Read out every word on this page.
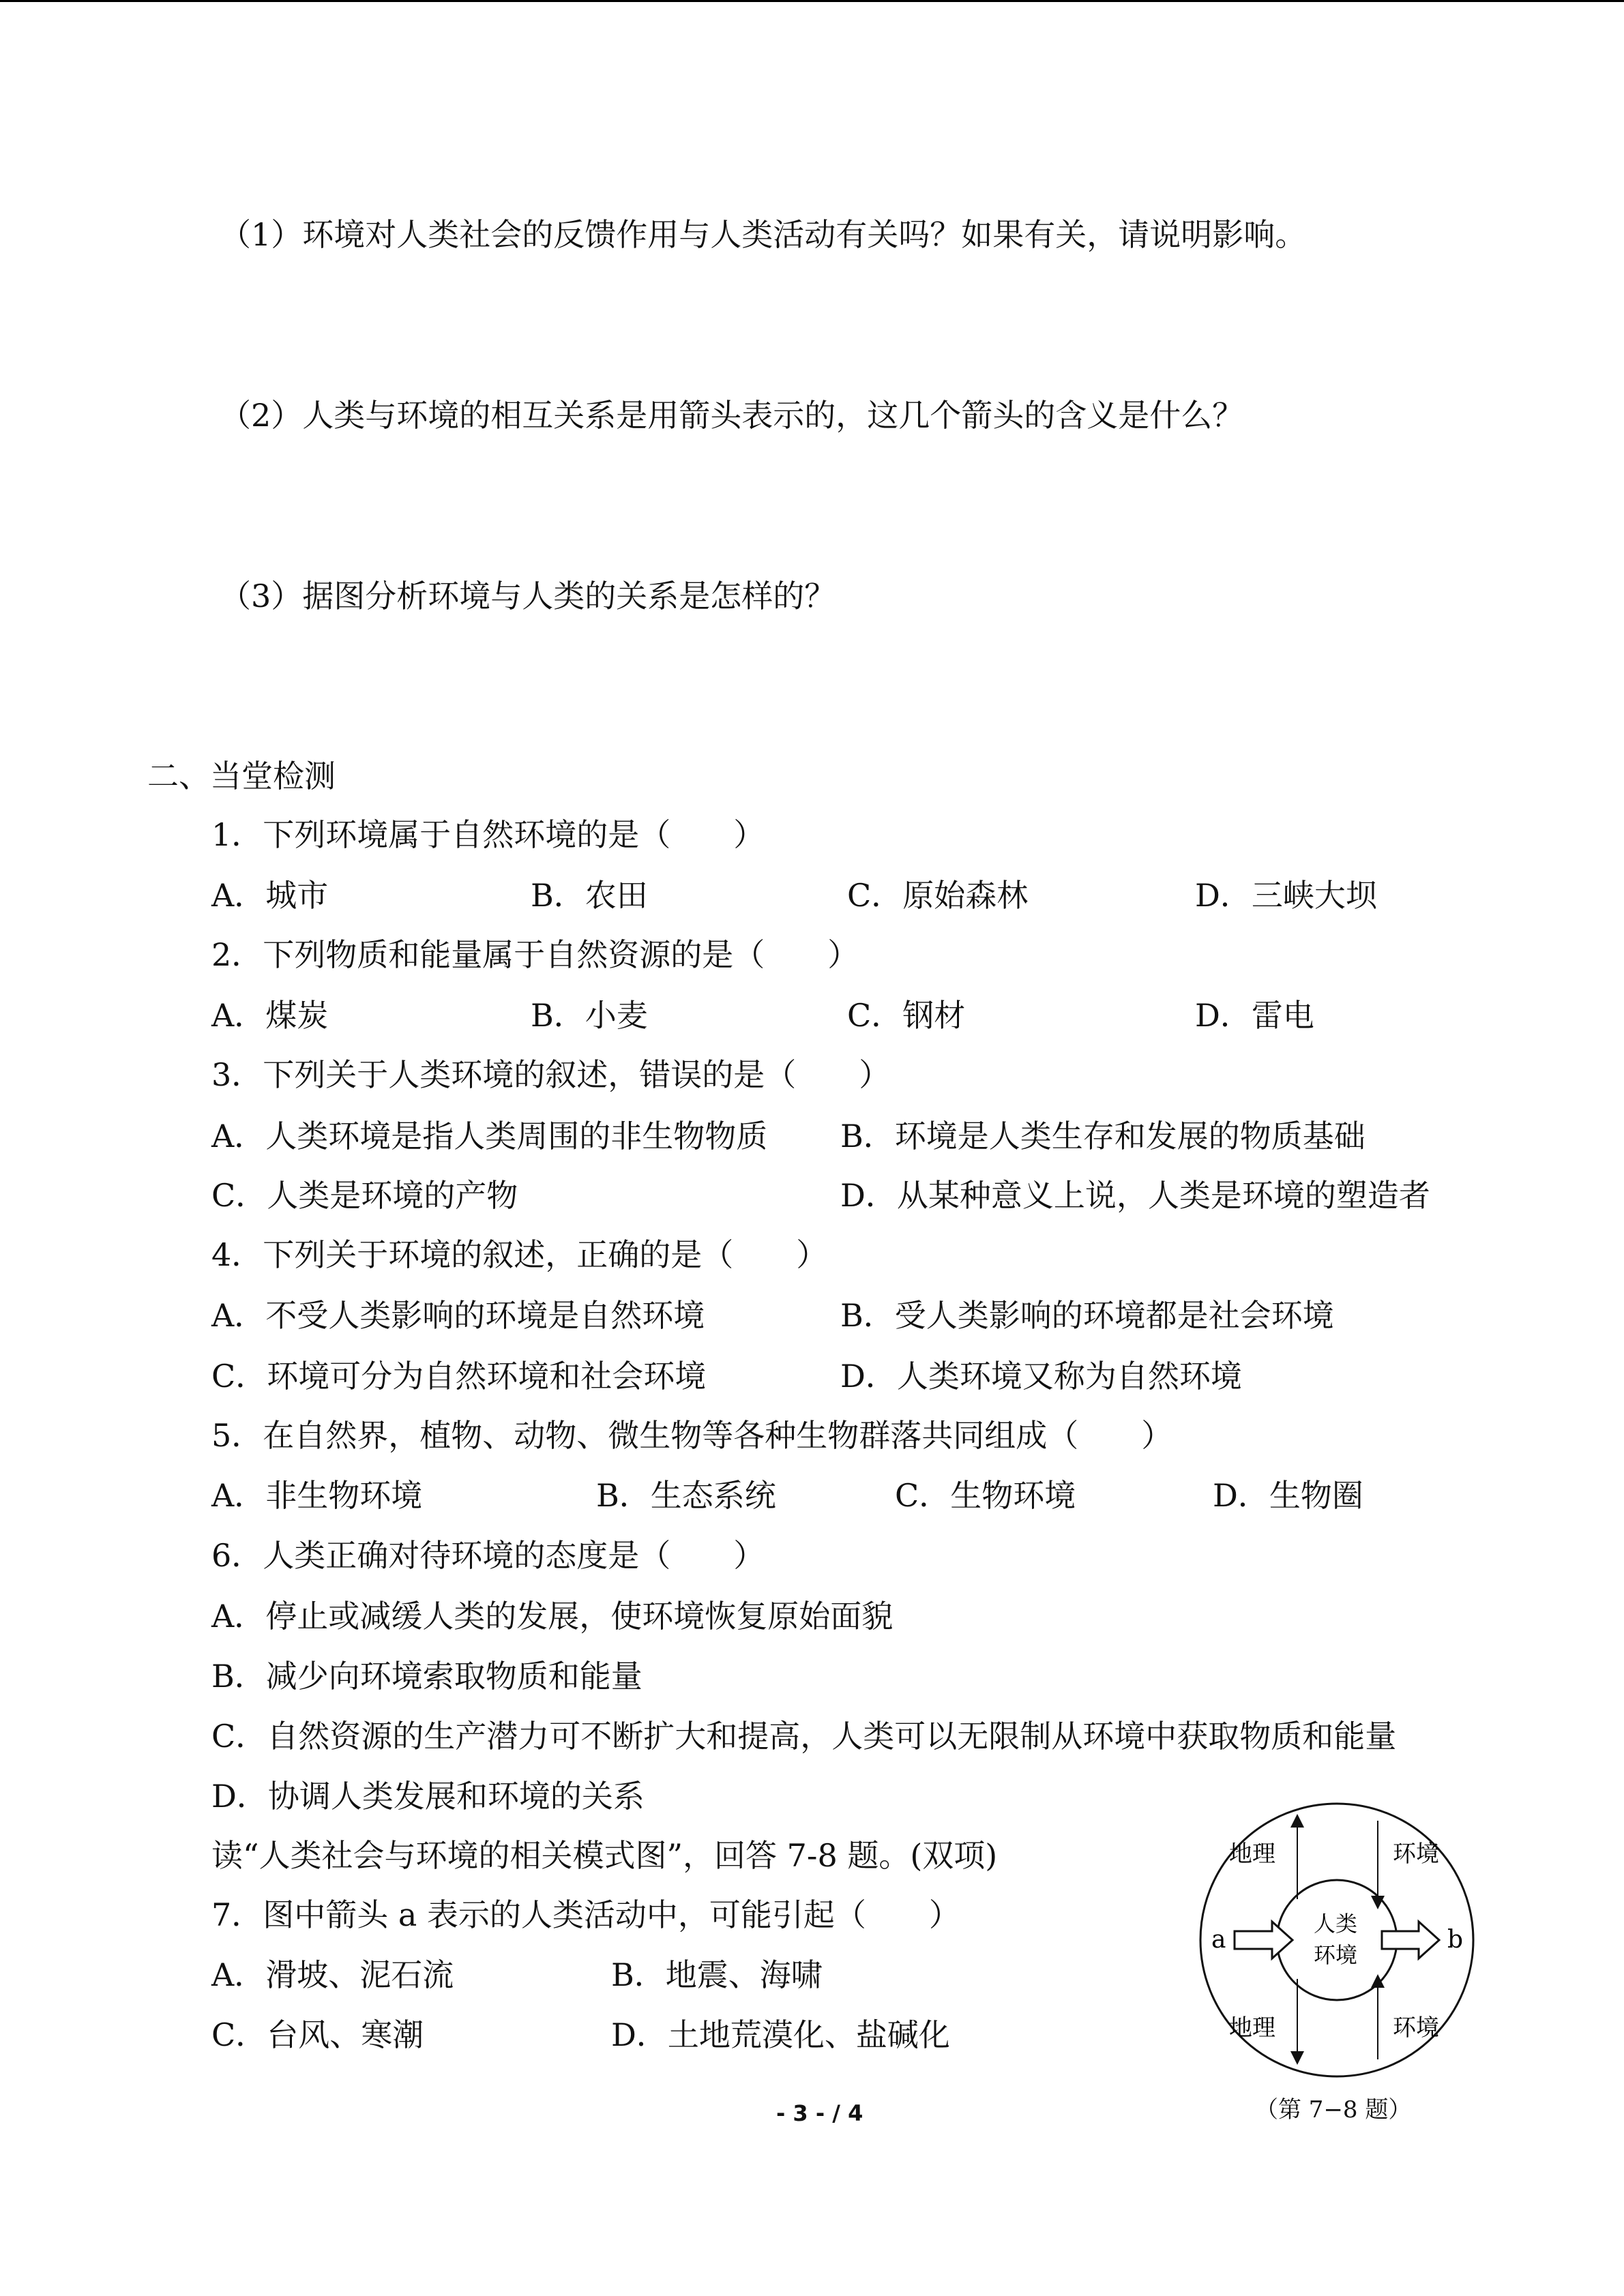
（1）环境对人类社会的反馈作用与人类活动有关吗？如果有关，请说明影响。
（2）人类与环境的相互关系是用箭头表示的，这几个箭头的含义是什么？
（3）据图分析环境与人类的关系是怎样的？
二、当堂检测
1．下列环境属于自然环境的是（　　）
A．城市	B．农田	C．原始森林	D．三峡大坝
2．下列物质和能量属于自然资源的是（　　）
A．煤炭	B．小麦	C．钢材	D．雷电
3．下列关于人类环境的叙述，错误的是（　　）
A．人类环境是指人类周围的非生物物质 B．环境是人类生存和发展的物质基础
C．人类是环境的产物	D．从某种意义上说，人类是环境的塑造者
4．下列关于环境的叙述，正确的是（　　）
A．不受人类影响的环境是自然环境	B．受人类影响的环境都是社会环境
C．环境可分为自然环境和社会环境	D．人类环境又称为自然环境
5．在自然界，植物、动物、微生物等各种生物群落共同组成（　　）
A．非生物环境	B．生态系统	C．生物环境	D．生物圈
6．人类正确对待环境的态度是（　　）
A．停止或减缓人类的发展，使环境恢复原始面貌
B．减少向环境索取物质和能量
C．自然资源的生产潜力可不断扩大和提高，人类可以无限制从环境中获取物质和能量
D．协调人类发展和环境的关系
读“人类社会与环境的相关模式图”，回答 7-8 题。(双项)
7．图中箭头 a 表示的人类活动中，可能引起（　　）
A．滑坡、泥石流	B．地震、海啸
C．台风、寒潮	D．土地荒漠化、盐碱化
地理	环境
地理	环境
人类
环境
a	b
（第 7−8 题）
- 3 - / 4
